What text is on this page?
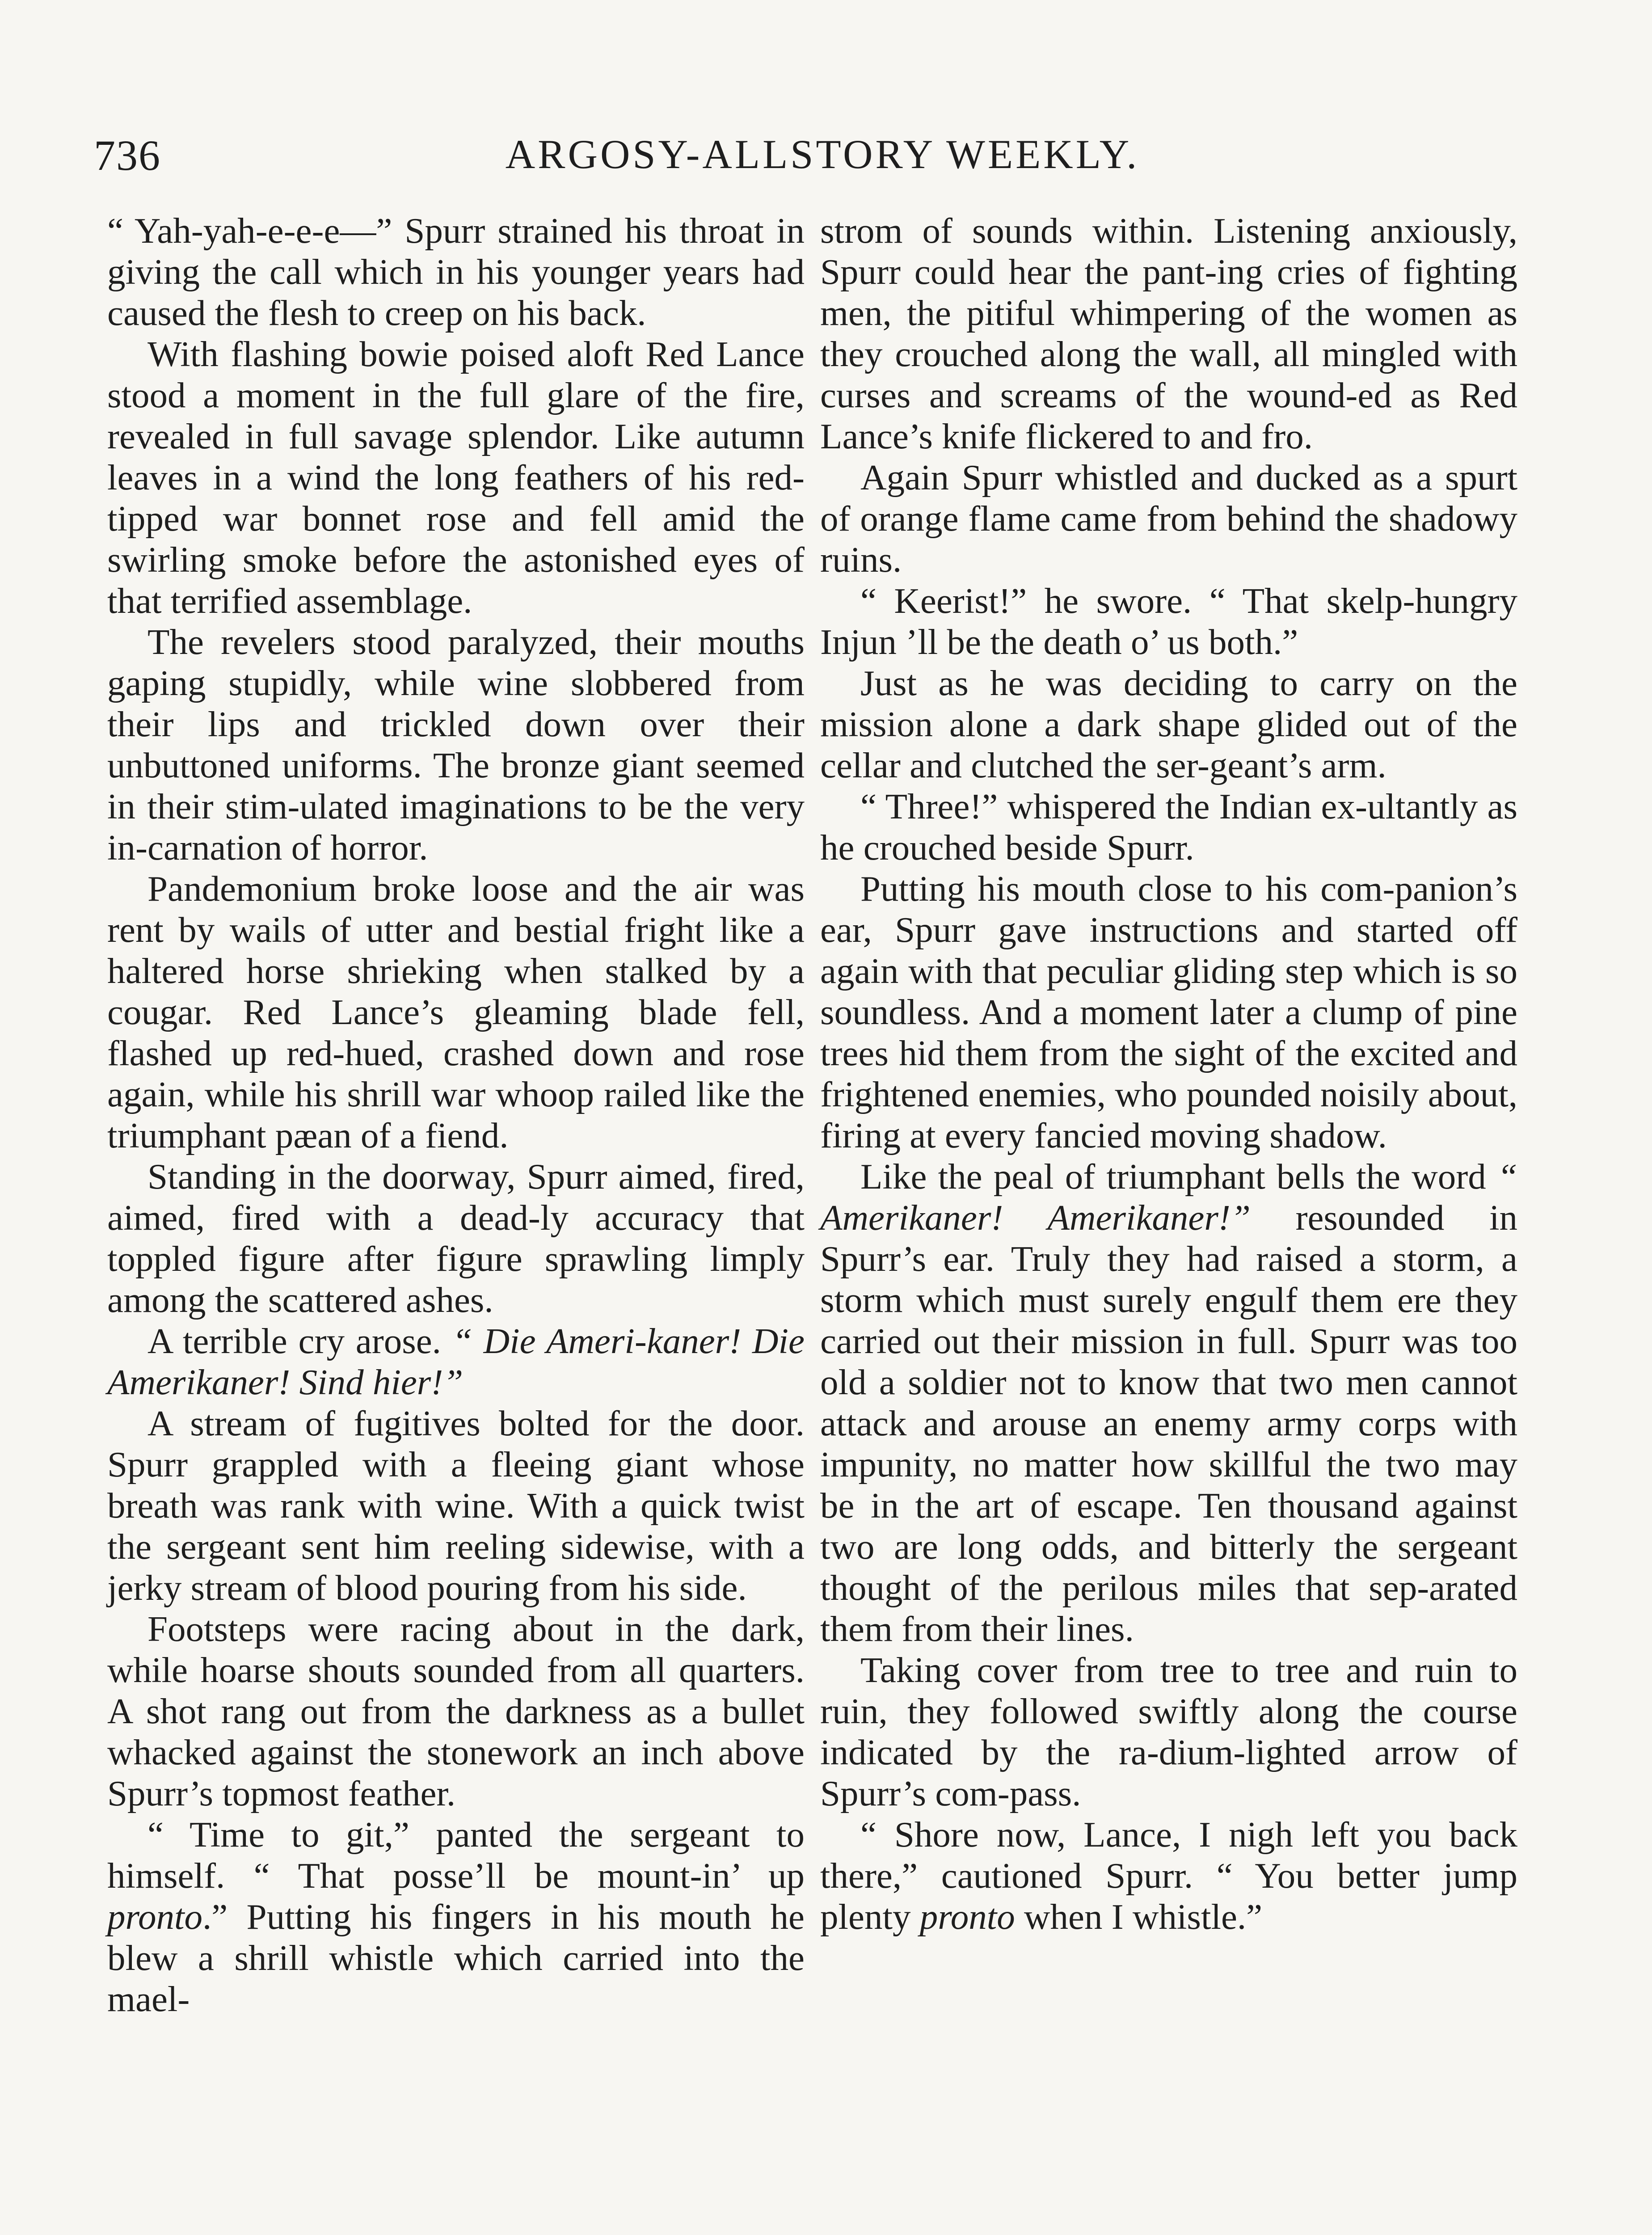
736	ARGOSY-ALLSTORY WEEKLY.

“ Yah-yah-e-e-e—” Spurr strained his throat in giving the call which in his younger years had caused the flesh to creep on his back.

With flashing bowie poised aloft Red Lance stood a moment in the full glare of the fire, revealed in full savage splendor. Like autumn leaves in a wind the long feathers of his red-tipped war bonnet rose and fell amid the swirling smoke before the astonished eyes of that terrified assemblage.

The revelers stood paralyzed, their mouths gaping stupidly, while wine slobbered from their lips and trickled down over their unbuttoned uniforms. The bronze giant seemed in their stim-ulated imaginations to be the very in-carnation of horror.

Pandemonium broke loose and the air was rent by wails of utter and bestial fright like a haltered horse shrieking when stalked by a cougar. Red Lance’s gleaming blade fell, flashed up red-hued, crashed down and rose again, while his shrill war whoop railed like the triumphant pæan of a fiend.

Standing in the doorway, Spurr aimed, fired, aimed, fired with a dead-ly accuracy that toppled figure after figure sprawling limply among the scattered ashes.

A terrible cry arose. “ Die Ameri-kaner! Die Amerikaner! Sind hier!”

A stream of fugitives bolted for the door. Spurr grappled with a fleeing giant whose breath was rank with wine. With a quick twist the sergeant sent him reeling sidewise, with a jerky stream of blood pouring from his side.

Footsteps were racing about in the dark, while hoarse shouts sounded from all quarters. A shot rang out from the darkness as a bullet whacked against the stonework an inch above Spurr’s topmost feather.

“ Time to git,” panted the sergeant to himself. “ That posse’ll be mount-in’ up pronto.” Putting his fingers in his mouth he blew a shrill whistle which carried into the mael-

strom of sounds within. Listening anxiously, Spurr could hear the pant-ing cries of fighting men, the pitiful whimpering of the women as they crouched along the wall, all mingled with curses and screams of the wound-ed as Red Lance’s knife flickered to and fro.

Again Spurr whistled and ducked as a spurt of orange flame came from behind the shadowy ruins.

“ Keerist!” he swore. “ That skelp-hungry Injun ’ll be the death o’ us both.”

Just as he was deciding to carry on the mission alone a dark shape glided out of the cellar and clutched the ser-geant’s arm.

“ Three!” whispered the Indian ex-ultantly as he crouched beside Spurr.

Putting his mouth close to his com-panion’s ear, Spurr gave instructions and started off again with that peculiar gliding step which is so soundless. And a moment later a clump of pine trees hid them from the sight of the excited and frightened enemies, who pounded noisily about, firing at every fancied moving shadow.

Like the peal of triumphant bells the word “ Amerikaner! Amerikaner!” resounded in Spurr’s ear. Truly they had raised a storm, a storm which must surely engulf them ere they carried out their mission in full. Spurr was too old a soldier not to know that two men cannot attack and arouse an enemy army corps with impunity, no matter how skillful the two may be in the art of escape. Ten thousand against two are long odds, and bitterly the sergeant thought of the perilous miles that sep-arated them from their lines.

Taking cover from tree to tree and ruin to ruin, they followed swiftly along the course indicated by the ra-dium-lighted arrow of Spurr’s com-pass.

“ Shore now, Lance, I nigh left you back there,” cautioned Spurr. “ You better jump plenty pronto when I whistle.”
